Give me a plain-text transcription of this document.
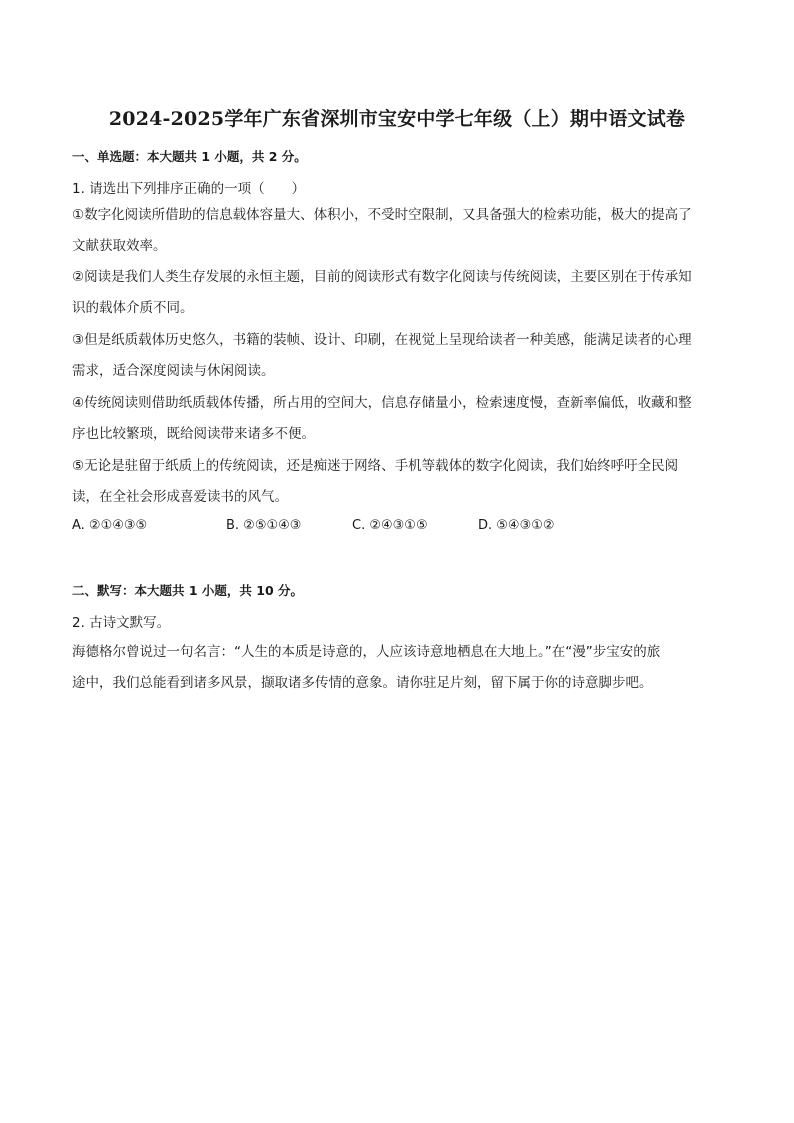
2024-2025学年广东省深圳市宝安中学七年级（上）期中语文试卷
一、单选题：本大题共 1 小题，共 2 分。
1. 请选出下列排序正确的一项（　　）
①数字化阅读所借助的信息载体容量大、体积小，不受时空限制，又具备强大的检索功能，极大的提高了
文献获取效率。
②阅读是我们人类生存发展的永恒主题，目前的阅读形式有数字化阅读与传统阅读，主要区别在于传承知
识的载体介质不同。
③但是纸质载体历史悠久，书籍的装帧、设计、印刷，在视觉上呈现给读者一种美感，能满足读者的心理
需求，适合深度阅读与休闲阅读。
④传统阅读则借助纸质载体传播，所占用的空间大，信息存储量小，检索速度慢，查新率偏低，收藏和整
序也比较繁琐，既给阅读带来诸多不便。
⑤无论是驻留于纸质上的传统阅读，还是痴迷于网络、手机等载体的数字化阅读，我们始终呼吁全民阅
读，在全社会形成喜爱读书的风气。
A. ②①④③⑤	B. ②⑤①④③	C. ②④③①⑤	D. ⑤④③①②
二、默写：本大题共 1 小题，共 10 分。
2. 古诗文默写。
海德格尔曾说过一句名言：“人生的本质是诗意的，人应该诗意地栖息在大地上。”在“漫”步宝安的旅
途中，我们总能看到诸多风景，撷取诸多传情的意象。请你驻足片刻，留下属于你的诗意脚步吧。
